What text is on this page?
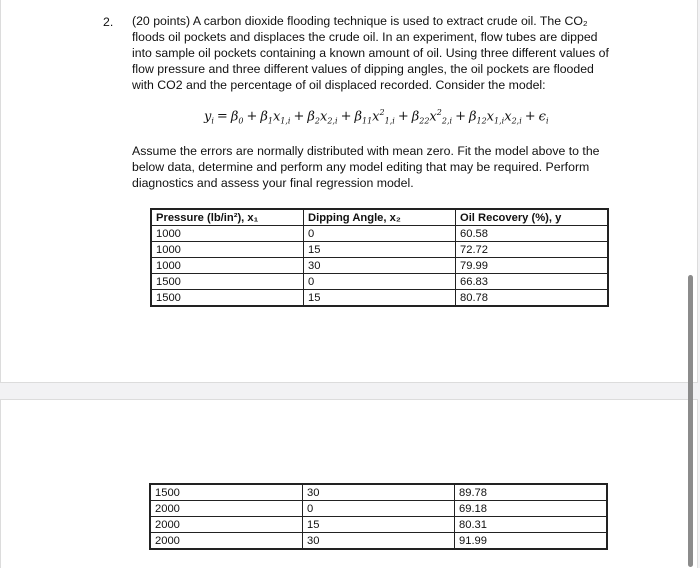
2. (20 points) A carbon dioxide flooding technique is used to extract crude oil. The CO₂ floods oil pockets and displaces the crude oil. In an experiment, flow tubes are dipped into sample oil pockets containing a known amount of oil. Using three different values of flow pressure and three different values of dipping angles, the oil pockets are flooded with CO2 and the percentage of oil displaced recorded. Consider the model:

$y_i = \beta_0 + \beta_1x_{1,i} + \beta_2x_{2,i} + \beta_{11}x^2_{1,i} + \beta_{22}x^2_{2,i} + \beta_{12}x_{1,i}x_{2,i} + \epsilon_i$

Assume the errors are normally distributed with mean zero. Fit the model above to the below data, determine and perform any model editing that may be required. Perform diagnostics and assess your final regression model.

Pressure (lb/in²), x₁	Dipping Angle, x₂	Oil Recovery (%), y
1000	0	60.58
1000	15	72.72
1000	30	79.99
1500	0	66.83
1500	15	80.78
1500	30	89.78
2000	0	69.18
2000	15	80.31
2000	30	91.99
